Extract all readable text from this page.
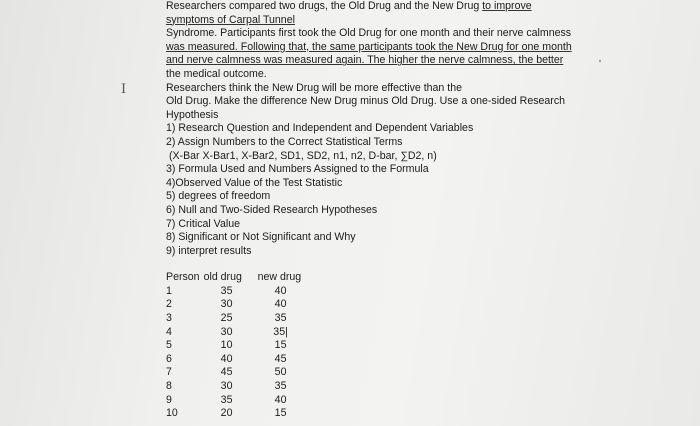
I
Researchers compared two drugs, the Old Drug and the New Drug to improve
symptoms of Carpal Tunnel
Syndrome. Participants first took the Old Drug for one month and their nerve calmness
was measured. Following that, the same participants took the New Drug for one month
and nerve calmness was measured again. The higher the nerve calmness, the better
the medical outcome.
Researchers think the New Drug will be more effective than the
Old Drug. Make the difference New Drug minus Old Drug. Use a one-sided Research
Hypothesis
1) Research Question and Independent and Dependent Variables
2) Assign Numbers to the Correct Statistical Terms
(X-Bar X-Bar1, X-Bar2, SD1, SD2, n1, n2, D-bar, ∑D2, n)
3) Formula Used and Numbers Assigned to the Formula
4)Observed Value of the Test Statistic
5) degrees of freedom
6) Null and Two-Sided Research Hypotheses
7) Critical Value
8) Significant or Not Significant and Why
9) interpret results
Person	old drug	new drug
1	35	40
2	30	40
3	25	35
4	30	35|
5	10	15
6	40	45
7	45	50
8	30	35
9	35	40
10	20	15
